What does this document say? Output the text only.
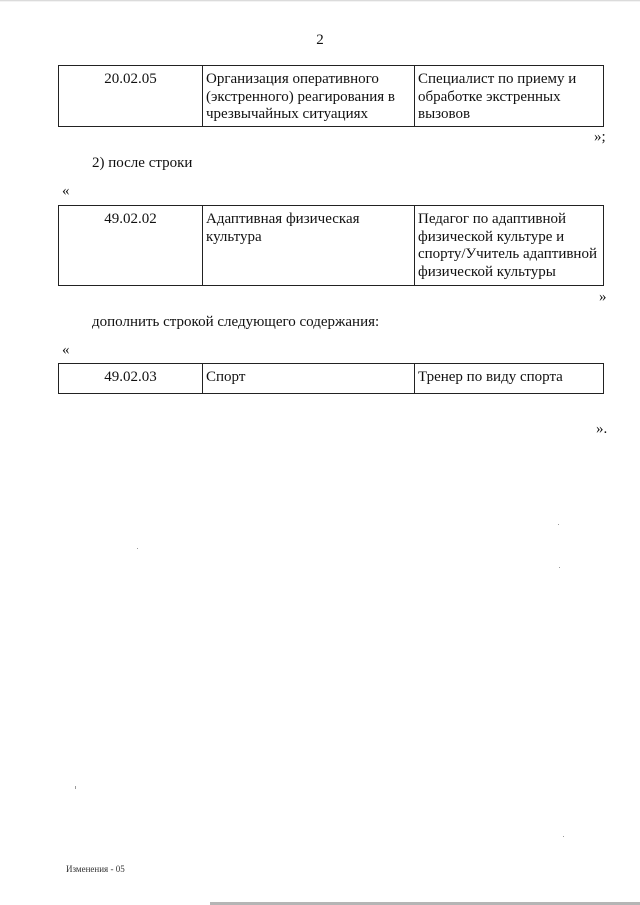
2
20.02.05	Организация оперативного (экстренного) реагирования в чрезвычайных ситуациях	Специалист по приему и обработке экстренных вызовов
»;
2) после строки
«
49.02.02	Адаптивная физическая культура	Педагог по адаптивной физической культуре и спорту/Учитель адаптивной физической культуры
»
дополнить строкой следующего содержания:
«
49.02.03	Спорт	Тренер по виду спорта
».
Изменения - 05
